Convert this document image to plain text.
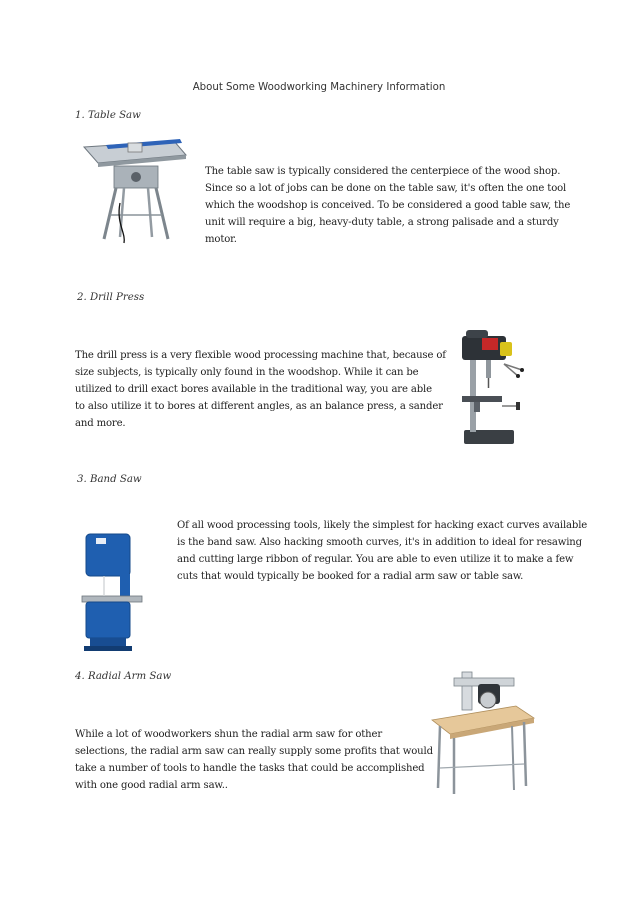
About Some Woodworking Machinery Information
1. Table Saw

The table saw is typically considered the centerpiece of the wood shop.
Since so a lot of jobs can be done on the table saw, it's often the one tool
which the woodshop is conceived. To be considered a good table saw, the
unit will require a big, heavy-duty table, a strong palisade and a sturdy
motor.

2. Drill Press

The drill press is a very flexible wood processing machine that, because of
size subjects, is typically only found in the woodshop. While it can be
utilized to drill exact bores available in the traditional way, you are able
to also utilize it to bores at different angles, as an balance press, a sander
and more.

3. Band Saw

Of all wood processing tools, likely the simplest for hacking exact curves available
is the band saw. Also hacking smooth curves, it's in addition to ideal for resawing
and cutting large ribbon of regular. You are able to even utilize it to make a few
cuts that would typically be booked for a radial arm saw or table saw.

4. Radial Arm Saw

While a lot of woodworkers shun the radial arm saw for other
selections, the radial arm saw can really supply some profits that would
take a number of tools to handle the tasks that could be accomplished
with one good radial arm saw..
